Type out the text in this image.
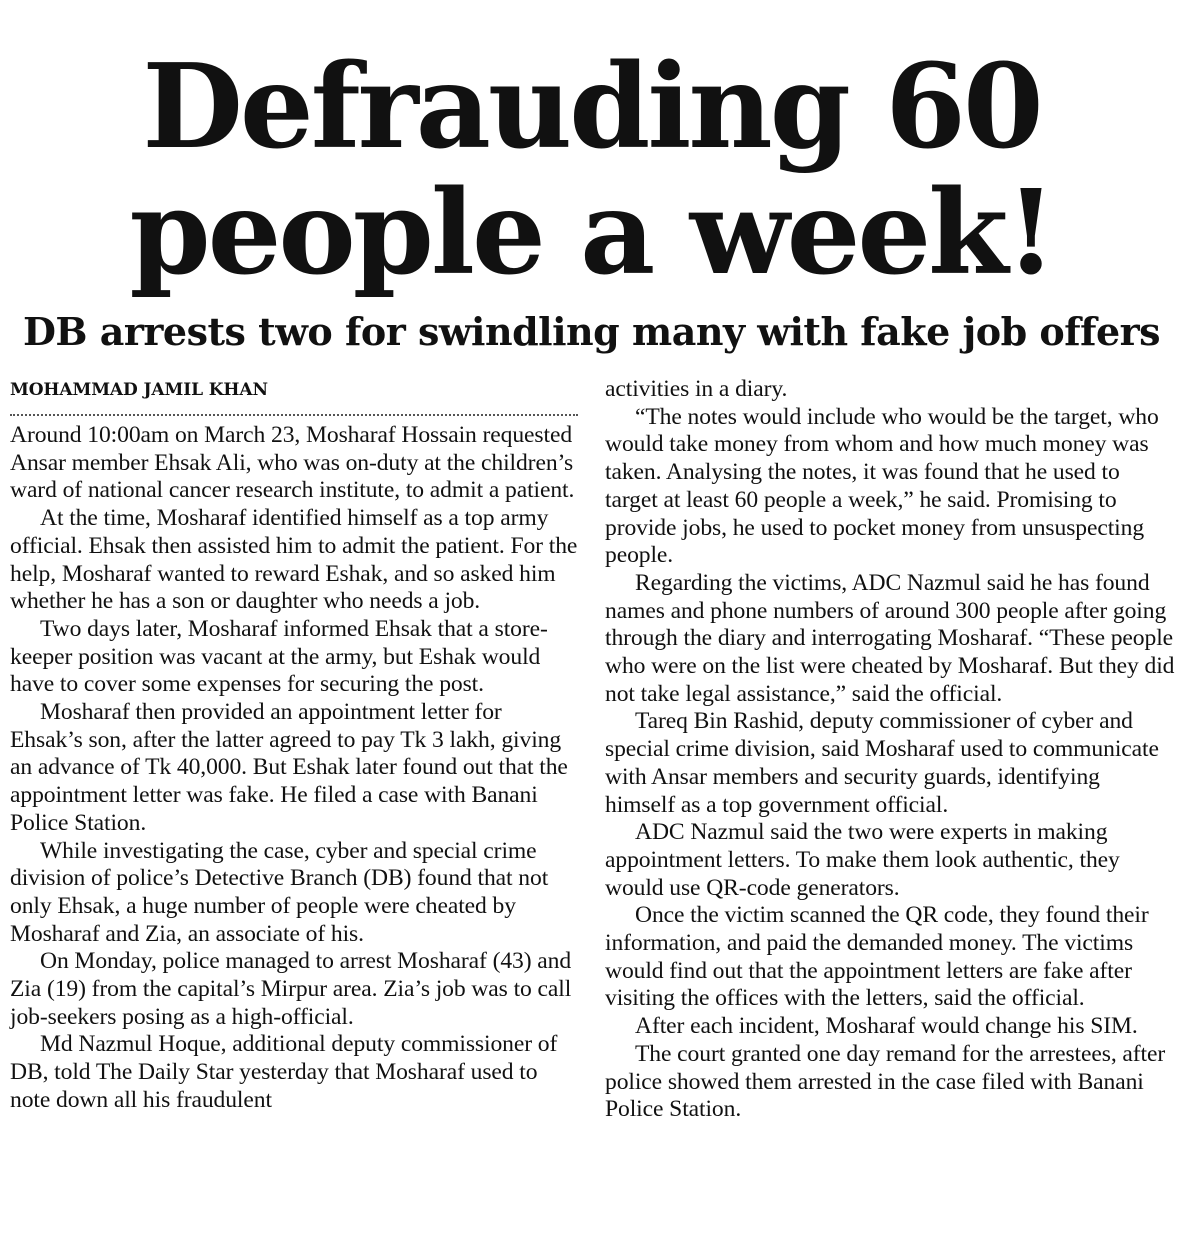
Defrauding 60
people a week!
DB arrests two for swindling many with fake job offers
MOHAMMAD JAMIL KHAN

Around 10:00am on March 23, Mosharaf Hossain requested Ansar member Ehsak Ali, who was on-duty at the children’s ward of national cancer research institute, to admit a patient.

At the time, Mosharaf identified himself as a top army official. Ehsak then assisted him to admit the patient. For the help, Mosharaf wanted to reward Eshak, and so asked him whether he has a son or daughter who needs a job.

Two days later, Mosharaf informed Ehsak that a store-keeper position was vacant at the army, but Eshak would have to cover some expenses for securing the post.

Mosharaf then provided an appointment letter for Ehsak’s son, after the latter agreed to pay Tk 3 lakh, giving an advance of Tk 40,000. But Eshak later found out that the appointment letter was fake. He filed a case with Banani Police Station.

While investigating the case, cyber and special crime division of police’s Detective Branch (DB) found that not only Ehsak, a huge number of people were cheated by Mosharaf and Zia, an associate of his.

On Monday, police managed to arrest Mosharaf (43) and Zia (19) from the capital’s Mirpur area. Zia’s job was to call job-seekers posing as a high-official.

Md Nazmul Hoque, additional deputy commissioner of DB, told The Daily Star yesterday that Mosharaf used to note down all his fraudulent

activities in a diary.

“The notes would include who would be the target, who would take money from whom and how much money was taken. Analysing the notes, it was found that he used to target at least 60 people a week,” he said. Promising to provide jobs, he used to pocket money from unsuspecting people.

Regarding the victims, ADC Nazmul said he has found names and phone numbers of around 300 people after going through the diary and interrogating Mosharaf. “These people who were on the list were cheated by Mosharaf. But they did not take legal assistance,” said the official.

Tareq Bin Rashid, deputy commissioner of cyber and special crime division, said Mosharaf used to communicate with Ansar members and security guards, identifying himself as a top government official.

ADC Nazmul said the two were experts in making appointment letters. To make them look authentic, they would use QR-code generators.

Once the victim scanned the QR code, they found their information, and paid the demanded money. The victims would find out that the appointment letters are fake after visiting the offices with the letters, said the official.

After each incident, Mosharaf would change his SIM.

The court granted one day remand for the arrestees, after police showed them arrested in the case filed with Banani Police Station.
